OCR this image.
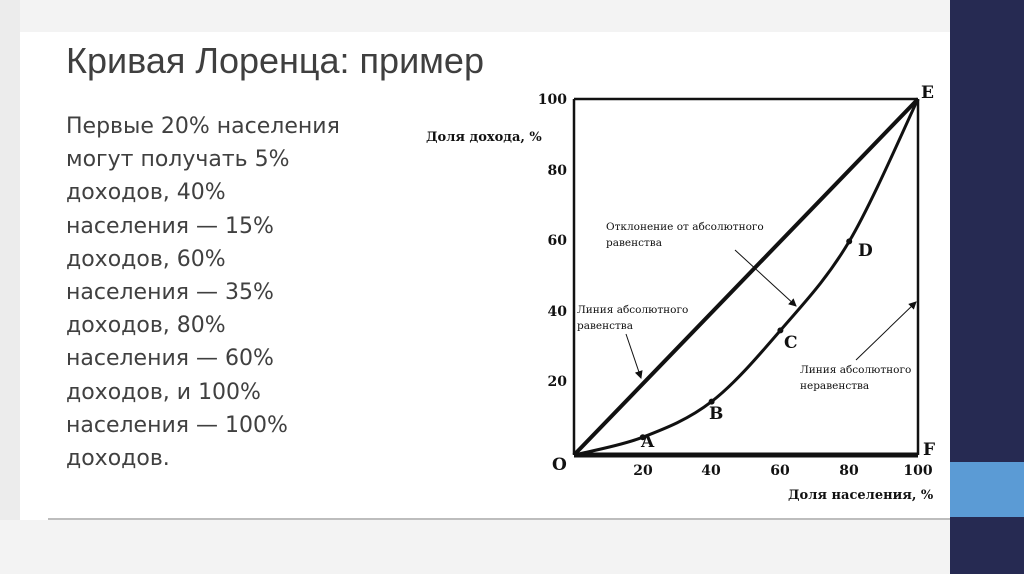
Кривая Лоренца: пример
Первые 20% населения
могут получать 5%
доходов, 40%
населения — 15%
доходов, 60%
населения — 35%
доходов, 80%
населения — 60%
доходов, и 100%
населения — 100%
доходов.
100
80
60
40
20
20	40	60	80	100
O
E
F
A
B
C
D
Доля дохода, %
Доля населения, %
Отклонение от абсолютного
равенства
Линия абсолютного
равенства
Линия абсолютного
неравенства
